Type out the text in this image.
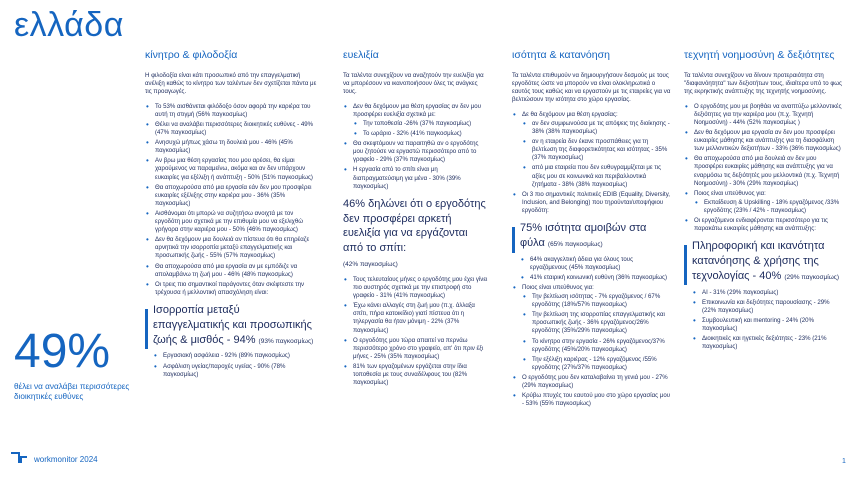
ελλάδα
κίνητρο & φιλοδοξία

Η φιλοδοξία είναι κάτι προσωπικό από την επαγγελματική ανέλιξη καθώς το κίνητρο των ταλέντων δεν σχετίζεται πάντα με τις προαγωγές.

• Το 53% αισθάνεται φιλόδοξο όσον αφορά την καριέρα του αυτή τη στιγμή (56% παγκοσμίως)
• Θέλει να αναλάβει περισσότερες διοικητικές ευθύνες - 49% (47% παγκοσμίως)
• Ανησυχώ μήπως χάσω τη δουλειά μου - 46% (45% παγκοσμίως)
• Αν βρω μια θέση εργασίας που μου αρέσει, θα είμαι χαρούμενος να παραμείνω, ακόμα και αν δεν υπάρχουν ευκαιρίες για εξέλιξη ή ανάπτυξη - 50% (51% παγκοσμίως)
• Θα αποχωρούσα από μια εργασία εάν δεν μου προσφέρει ευκαιρίες εξέλιξης στην καριέρα μου - 36% (35% παγκοσμίως)
• Αισθάνομαι ότι μπορώ να συζητήσω ανοιχτά με τον εργοδότη μου σχετικά με την επιθυμία μου να εξελιχθώ γρήγορα στην καριέρα μου - 50% (46% παγκοσμίως)
• Δεν θα δεχόμουν μια δουλειά αν πίστευα ότι θα επηρέαζε αρνητικά την ισορροπία μεταξύ επαγγελματικής και προσωπικής ζωής - 55% (57% παγκοσμίως)
• Θα αποχωρούσα από μια εργασία αν με εμπόδιζε να απολαμβάνω τη ζωή μου - 46% (48% παγκοσμίως)
• Οι τρεις πιο σημαντικοί παράγοντες όταν σκέφτεστε την τρέχουσα ή μελλοντική απασχόληση είναι:
Ισορροπία μεταξύ επαγγελματικής και προσωπικής ζωής & μισθός - 94% (93% παγκοσμίως)
• Εργασιακή ασφάλεια - 92% (89% παγκοσμίως)
• Ασφάλιση υγείας/παροχές υγείας - 90% (78% παγκοσμίως)
ευελιξία

Τα ταλέντα συνεχίζουν να αναζητούν την ευελιξία για να μπορέσουν να ικανοποιήσουν όλες τις ανάγκες τους.

• Δεν θα δεχόμουν μια θέση εργασίας αν δεν μου προσφέρει ευελιξία σχετικά με:
• Την τοποθεσία -26% (37% παγκοσμίως)
• Το ωράριο - 32% (41% παγκοσμίως)
• Θα σκεφτόμουν να παραιτηθώ αν ο εργοδότης μου ζητούσε να εργαστώ περισσότερο από το γραφείο - 29% (37% παγκοσμίως)
• Η εργασία από το σπίτι είναι μη διαπραγματεύσιμη για μένα - 30% (39% παγκοσμίως)
46% δηλώνει ότι ο εργοδότης δεν προσφέρει αρκετή ευελιξία για να εργάζονται από το σπίτι:
(42% παγκοσμίως)
• Τους τελευταίους μήνες ο εργοδότης μου έχει γίνει πιο αυστηρός σχετικά με την επιστροφή στο γραφείο - 31% (41% παγκοσμίως)
• Έχω κάνει αλλαγές στη ζωή μου (π.χ. άλλαξα σπίτι, πήρα κατοικίδιο) γιατί πίστευα ότι η τηλεργασία θα ήταν μόνιμη - 22% (37% παγκοσμίως)
• Ο εργοδότης μου τώρα απαιτεί να περνάω περισσότερο χρόνο στο γραφείο, απ' ότι πριν έξι μήνες - 25% (35% παγκοσμίως)
• 81% των εργαζομένων εργάζεται στην ίδια τοποθεσία με τους συναδέλφους του (82% παγκοσμίως)
ισότητα & κατανόηση

Τα ταλέντα επιθυμούν να δημιουργήσουν δεσμούς με τους εργοδότες ώστε να μπορούν να είναι ολοκληρωτικά ο εαυτός τους καθώς και να εργαστούν με τις εταιρείες για να βελτιώσουν την ισότητα στο χώρο εργασίας.

• Δε θα δεχόμουν μια θέση εργασίας:
• αν δεν συμφωνούσα με τις απόψεις της διοίκησης - 38% (38% παγκοσμίως)
• αν η εταιρεία δεν έκανε προσπάθειες για τη βελτίωση της διαφορετικότητας και ισότητας - 35% (37% παγκοσμίως)
• από μια εταιρεία που δεν ευθυγραμμίζεται με τις αξίες μου σε κοινωνικά και περιβαλλοντικά ζητήματα - 38% (38% παγκοσμίως)
• Οι 3 πιο σημαντικές πολιτικές EDIB (Equality, Diversity, Inclusion, and Belonging) που τηρούνται/υποψήφιου εργοδότη:
75% ισότητα αμοιβών στα φύλα (65% παγκοσμίως)
• 64% ακαγγελτική άδεια για όλους τους εργαζόμενους (45% παγκοσμίως)
• 41% εταιρική κοινωνική ευθύνη (36% παγκοσμίως)
• Ποιος είναι υπεύθυνος για:
• Την βελτίωση ισότητας - 7% εργαζόμενος / 67% εργοδότης (18%/57% παγκοσμίως)
• Την βελτίωση της ισορροπίας επαγγελματικής και προσωπικής ζωής - 36% εργαζόμενος/26% εργοδότης (35%/29% παγκοσμίως)
• Το κίνητρο στην εργασία - 26% εργαζόμενος/37% εργοδότης (45%/20% παγκοσμίως)
• Την εξέλιξη καριέρας - 12% εργαζόμενος /55% εργοδότης (27%/37% παγκοσμίως)
• Ο εργοδότης μου δεν καταλαβαίνει τη γενιά μου - 27% (29% παγκοσμίως)
• Κρύβω πτυχές του εαυτού μου στο χώρο εργασίας μου - 53% (55% παγκοσμίως)
τεχνητή νοημοσύνη & δεξιότητες

Τα ταλέντα συνεχίζουν να δίνουν προτεραιότητα στη "διαφανόητητα" των δεξιοτήτων τους, ιδιαίτερα υπό το φως της εκρηκτικής ανάπτυξης της τεχνητής νοημοσύνης.

• Ο εργοδότης μου με βοηθάει να αναπτύξω μελλοντικές δεξιότητες για την καριέρα μου (π.χ. Τεχνητή Νοημοσύνη) - 44% (52% παγκοσμίως )
• Δεν θα δεχόμουν μια εργασία αν δεν μου προσφέρει ευκαιρίες μάθησης και ανάπτυξης για τη διασφάλιση των μελλοντικών δεξιοτήτων - 33% (36% παγκοσμίως)
• Θα αποχωρούσα από μια δουλειά αν δεν μου προσφέρει ευκαιρίες μάθησης και ανάπτυξης για να εναρμόσω τις δεξιότητές μου μελλοντικά (π.χ. Τεχνητή Νοημοσύνη) - 30% (29% παγκοσμίως)
• Ποιος είναι υπεύθυνος για:
• Εκπαίδευση & Upskilling - 18% εργαζόμενος /33% εργοδότης (23% / 42% - παγκοσμίως)
• Οι εργαζόμενοι ενδιαφέρονται περισσότερο για τις παρακάτω ευκαιρίες μάθησης και ανάπτυξης:
Πληροφορική και ικανότητα κατανόησης & χρήσης της τεχνολογίας - 40% (29% παγκοσμίως)
• AI - 31% (29% παγκοσμίως)
• Επικοινωνία και δεξιότητες παρουσίασης - 29% (22% παγκοσμίως)
• Συμβουλευτική και mentoring - 24% (20% παγκοσμίως)
• Διοικητικές και ηγετικές δεξιότητες - 23% (21% παγκοσμίως)
49%
θέλει να αναλάβει περισσότερες διοικητικές ευθύνες
workmonitor 2024	1
